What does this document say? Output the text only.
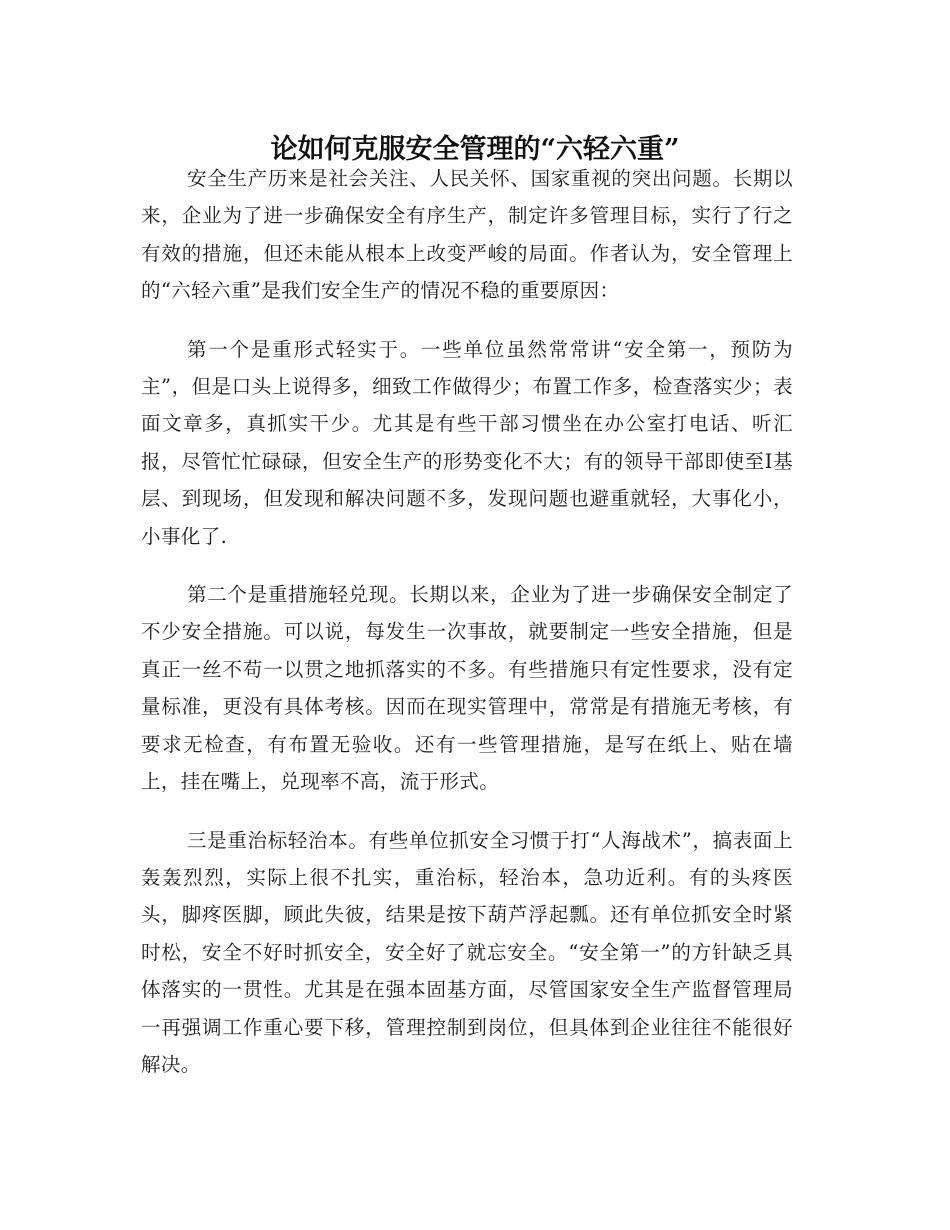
论如何克服安全管理的“六轻六重”

安全生产历来是社会关注、人民关怀、国家重视的突出问题。长期以来，企业为了进一步确保安全有序生产，制定许多管理目标，实行了行之有效的措施，但还未能从根本上改变严峻的局面。作者认为，安全管理上的“六轻六重”是我们安全生产的情况不稳的重要原因：

第一个是重形式轻实于。一些单位虽然常常讲“安全第一，预防为主”，但是口头上说得多，细致工作做得少；布置工作多，检查落实少；表面文章多，真抓实干少。尤其是有些干部习惯坐在办公室打电话、听汇报，尽管忙忙碌碌，但安全生产的形势变化不大；有的领导干部即使至I基层、到现场，但发现和解决问题不多，发现问题也避重就轻，大事化小，小事化了.

第二个是重措施轻兑现。长期以来，企业为了进一步确保安全制定了不少安全措施。可以说，每发生一次事故，就要制定一些安全措施，但是真正一丝不苟一以贯之地抓落实的不多。有些措施只有定性要求，没有定量标准，更没有具体考核。因而在现实管理中，常常是有措施无考核，有要求无检查，有布置无验收。还有一些管理措施，是写在纸上、贴在墙上，挂在嘴上，兑现率不高，流于形式。

三是重治标轻治本。有些单位抓安全习惯于打“人海战术”，搞表面上轰轰烈烈，实际上很不扎实，重治标，轻治本，急功近利。有的头疼医头，脚疼医脚，顾此失彼，结果是按下葫芦浮起瓢。还有单位抓安全时紧时松，安全不好时抓安全，安全好了就忘安全。“安全第一”的方针缺乏具体落实的一贯性。尤其是在强本固基方面，尽管国家安全生产监督管理局一再强调工作重心要下移，管理控制到岗位，但具体到企业往往不能很好解决。
